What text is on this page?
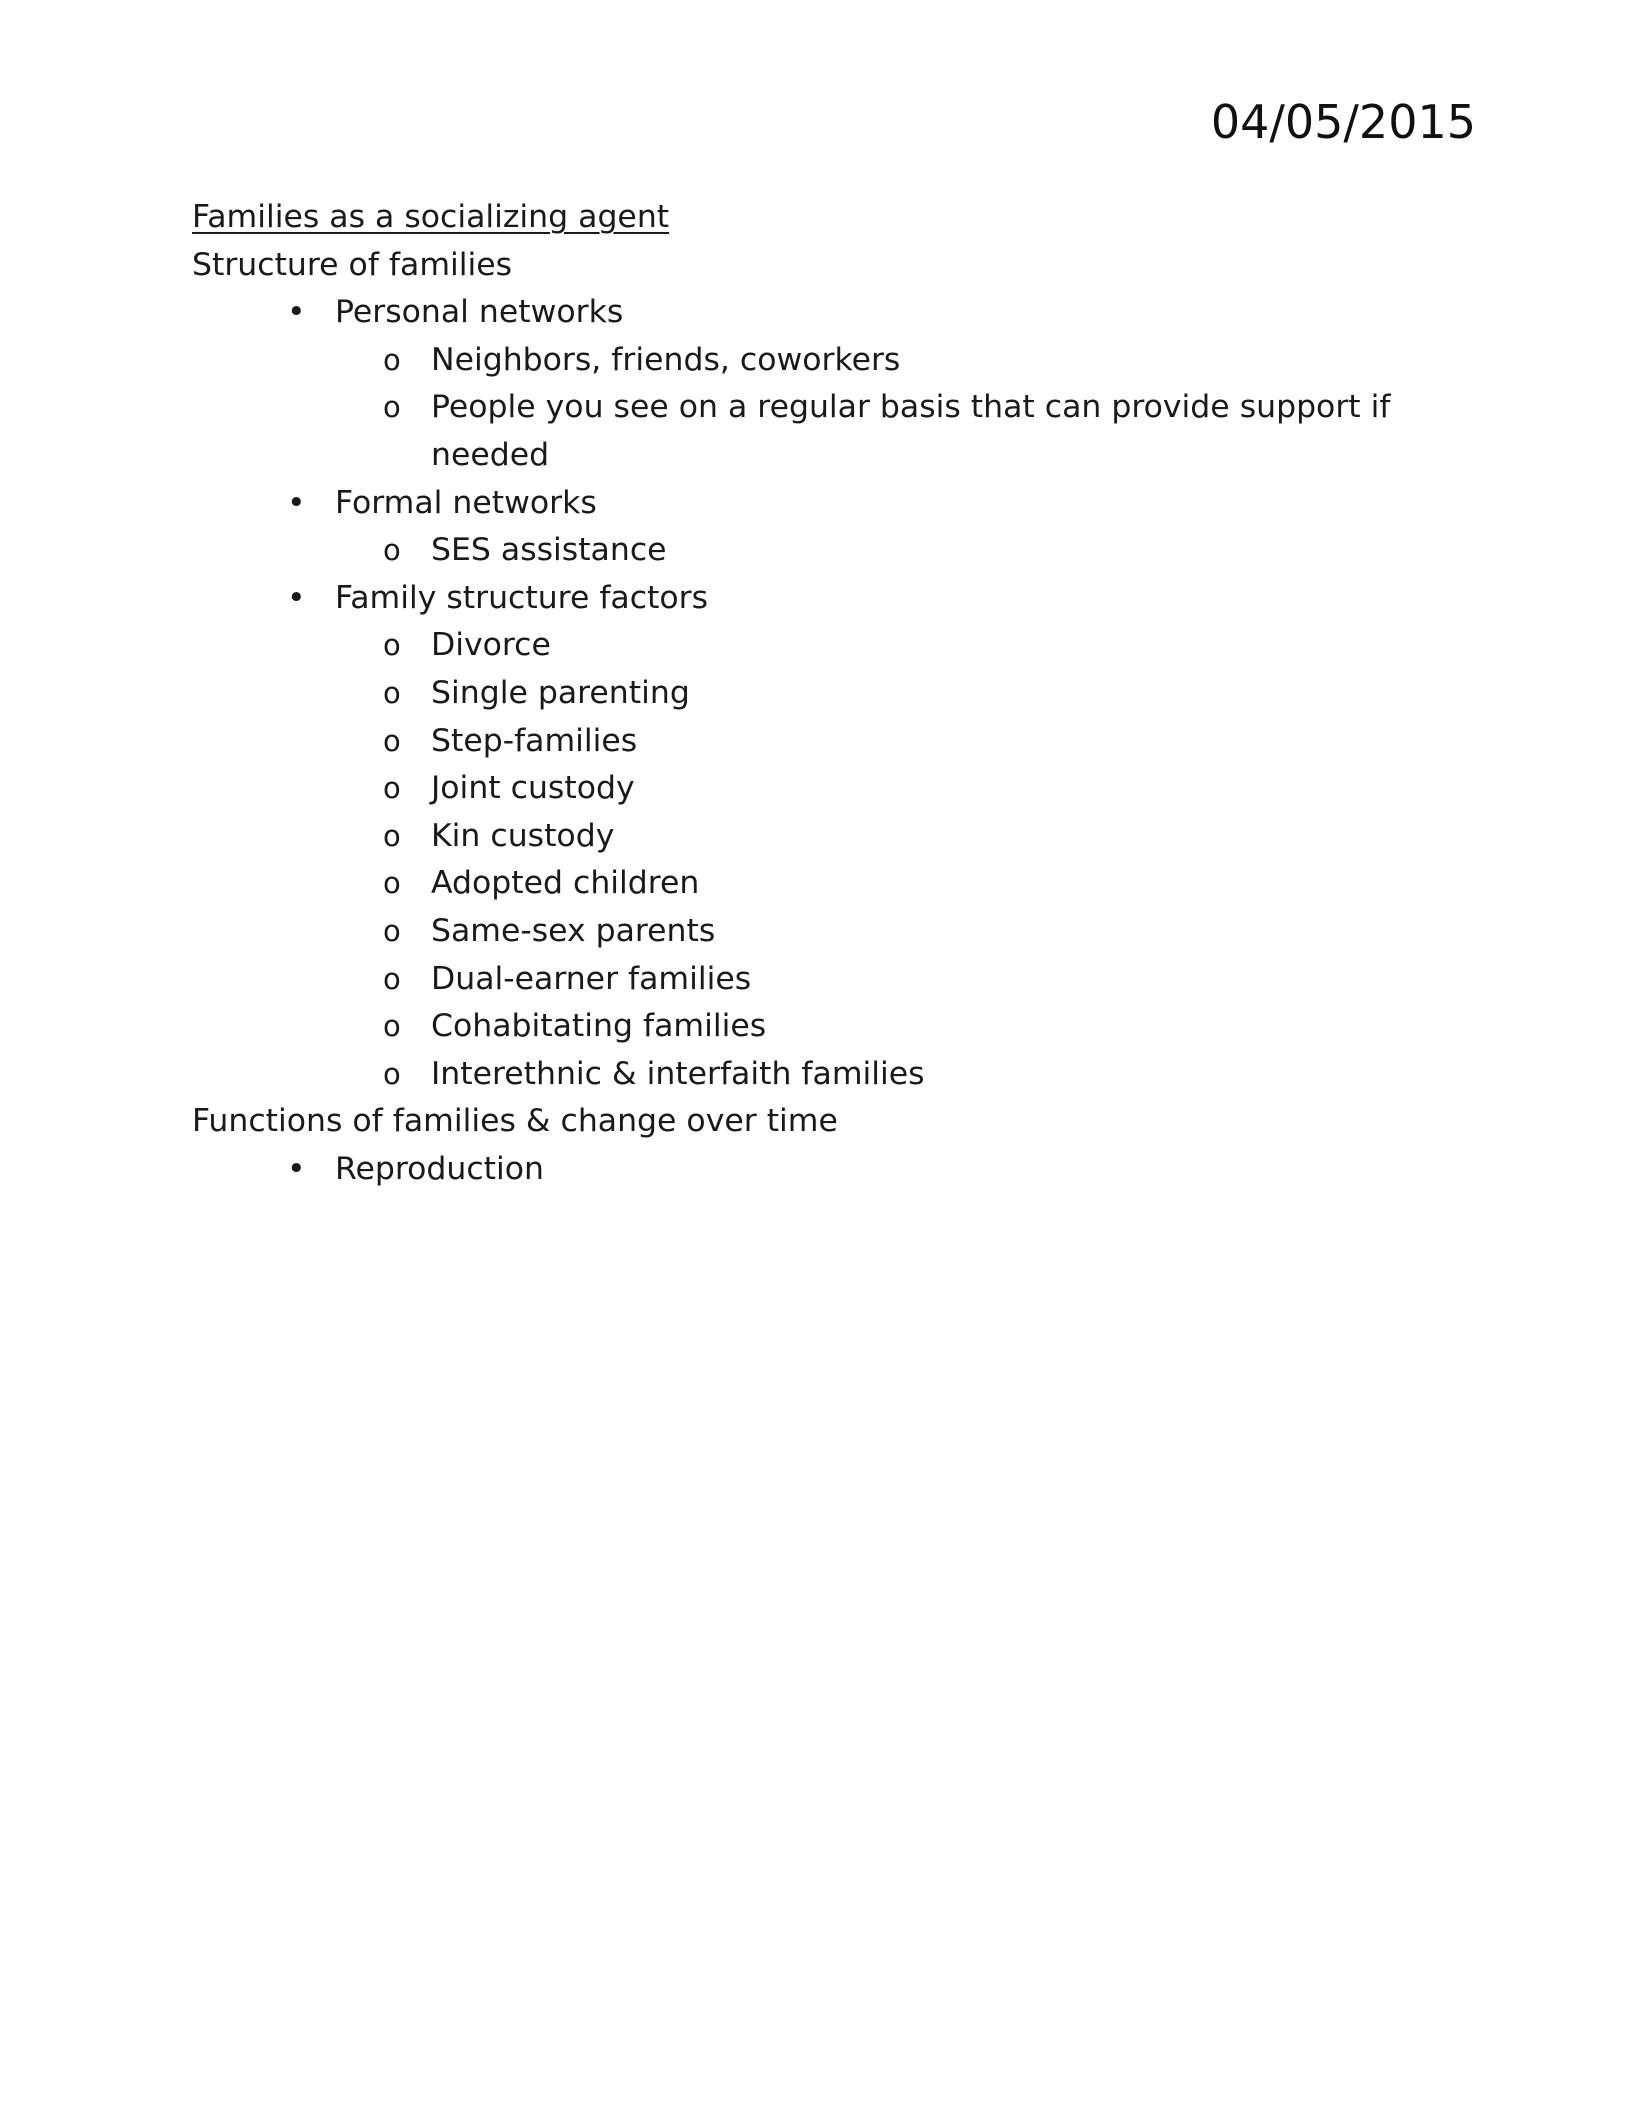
04/05/2015
Families as a socializing agent
Structure of families
• Personal networks
o Neighbors, friends, coworkers
o People you see on a regular basis that can provide support if needed
• Formal networks
o SES assistance
• Family structure factors
o Divorce
o Single parenting
o Step-families
o Joint custody
o Kin custody
o Adopted children
o Same-sex parents
o Dual-earner families
o Cohabitating families
o Interethnic & interfaith families
Functions of families & change over time
• Reproduction
